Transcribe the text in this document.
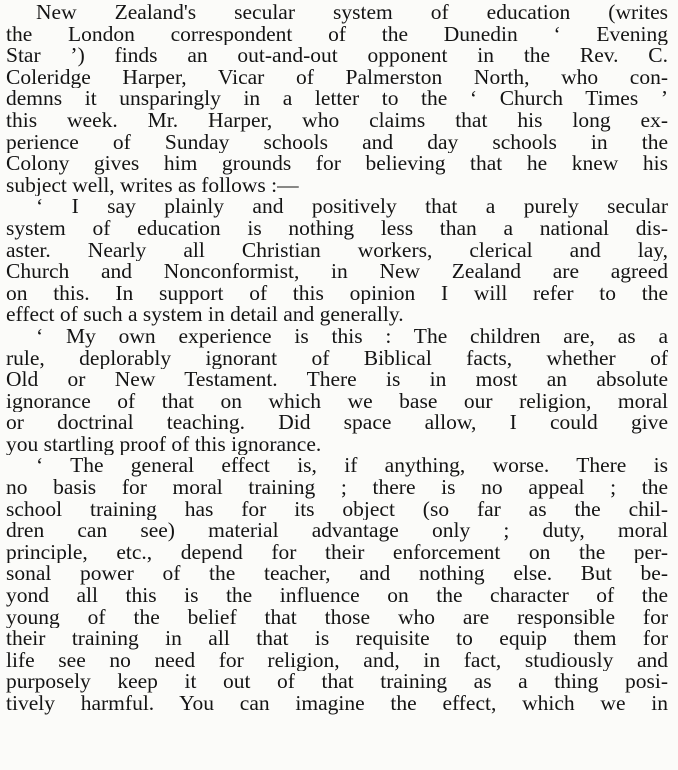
New Zealand's secular system of education (writes
the London correspondent of the Dunedin ‘ Evening
Star ’) finds an out-and-out opponent in the Rev. C.
Coleridge Harper, Vicar of Palmerston North, who con-
demns it unsparingly in a letter to the ‘ Church Times ’
this week. Mr. Harper, who claims that his long ex-
perience of Sunday schools and day schools in the
Colony gives him grounds for believing that he knew his
subject well, writes as follows :—
‘ I say plainly and positively that a purely secular
system of education is nothing less than a national dis-
aster. Nearly all Christian workers, clerical and lay,
Church and Nonconformist, in New Zealand are agreed
on this. In support of this opinion I will refer to the
effect of such a system in detail and generally.
‘ My own experience is this : The children are, as a
rule, deplorably ignorant of Biblical facts, whether of
Old or New Testament. There is in most an absolute
ignorance of that on which we base our religion, moral
or doctrinal teaching. Did space allow, I could give
you startling proof of this ignorance.
‘ The general effect is, if anything, worse. There is
no basis for moral training ; there is no appeal ; the
school training has for its object (so far as the chil-
dren can see) material advantage only ; duty, moral
principle, etc., depend for their enforcement on the per-
sonal power of the teacher, and nothing else. But be-
yond all this is the influence on the character of the
young of the belief that those who are responsible for
their training in all that is requisite to equip them for
life see no need for religion, and, in fact, studiously and
purposely keep it out of that training as a thing posi-
tively harmful. You can imagine the effect, which we in
